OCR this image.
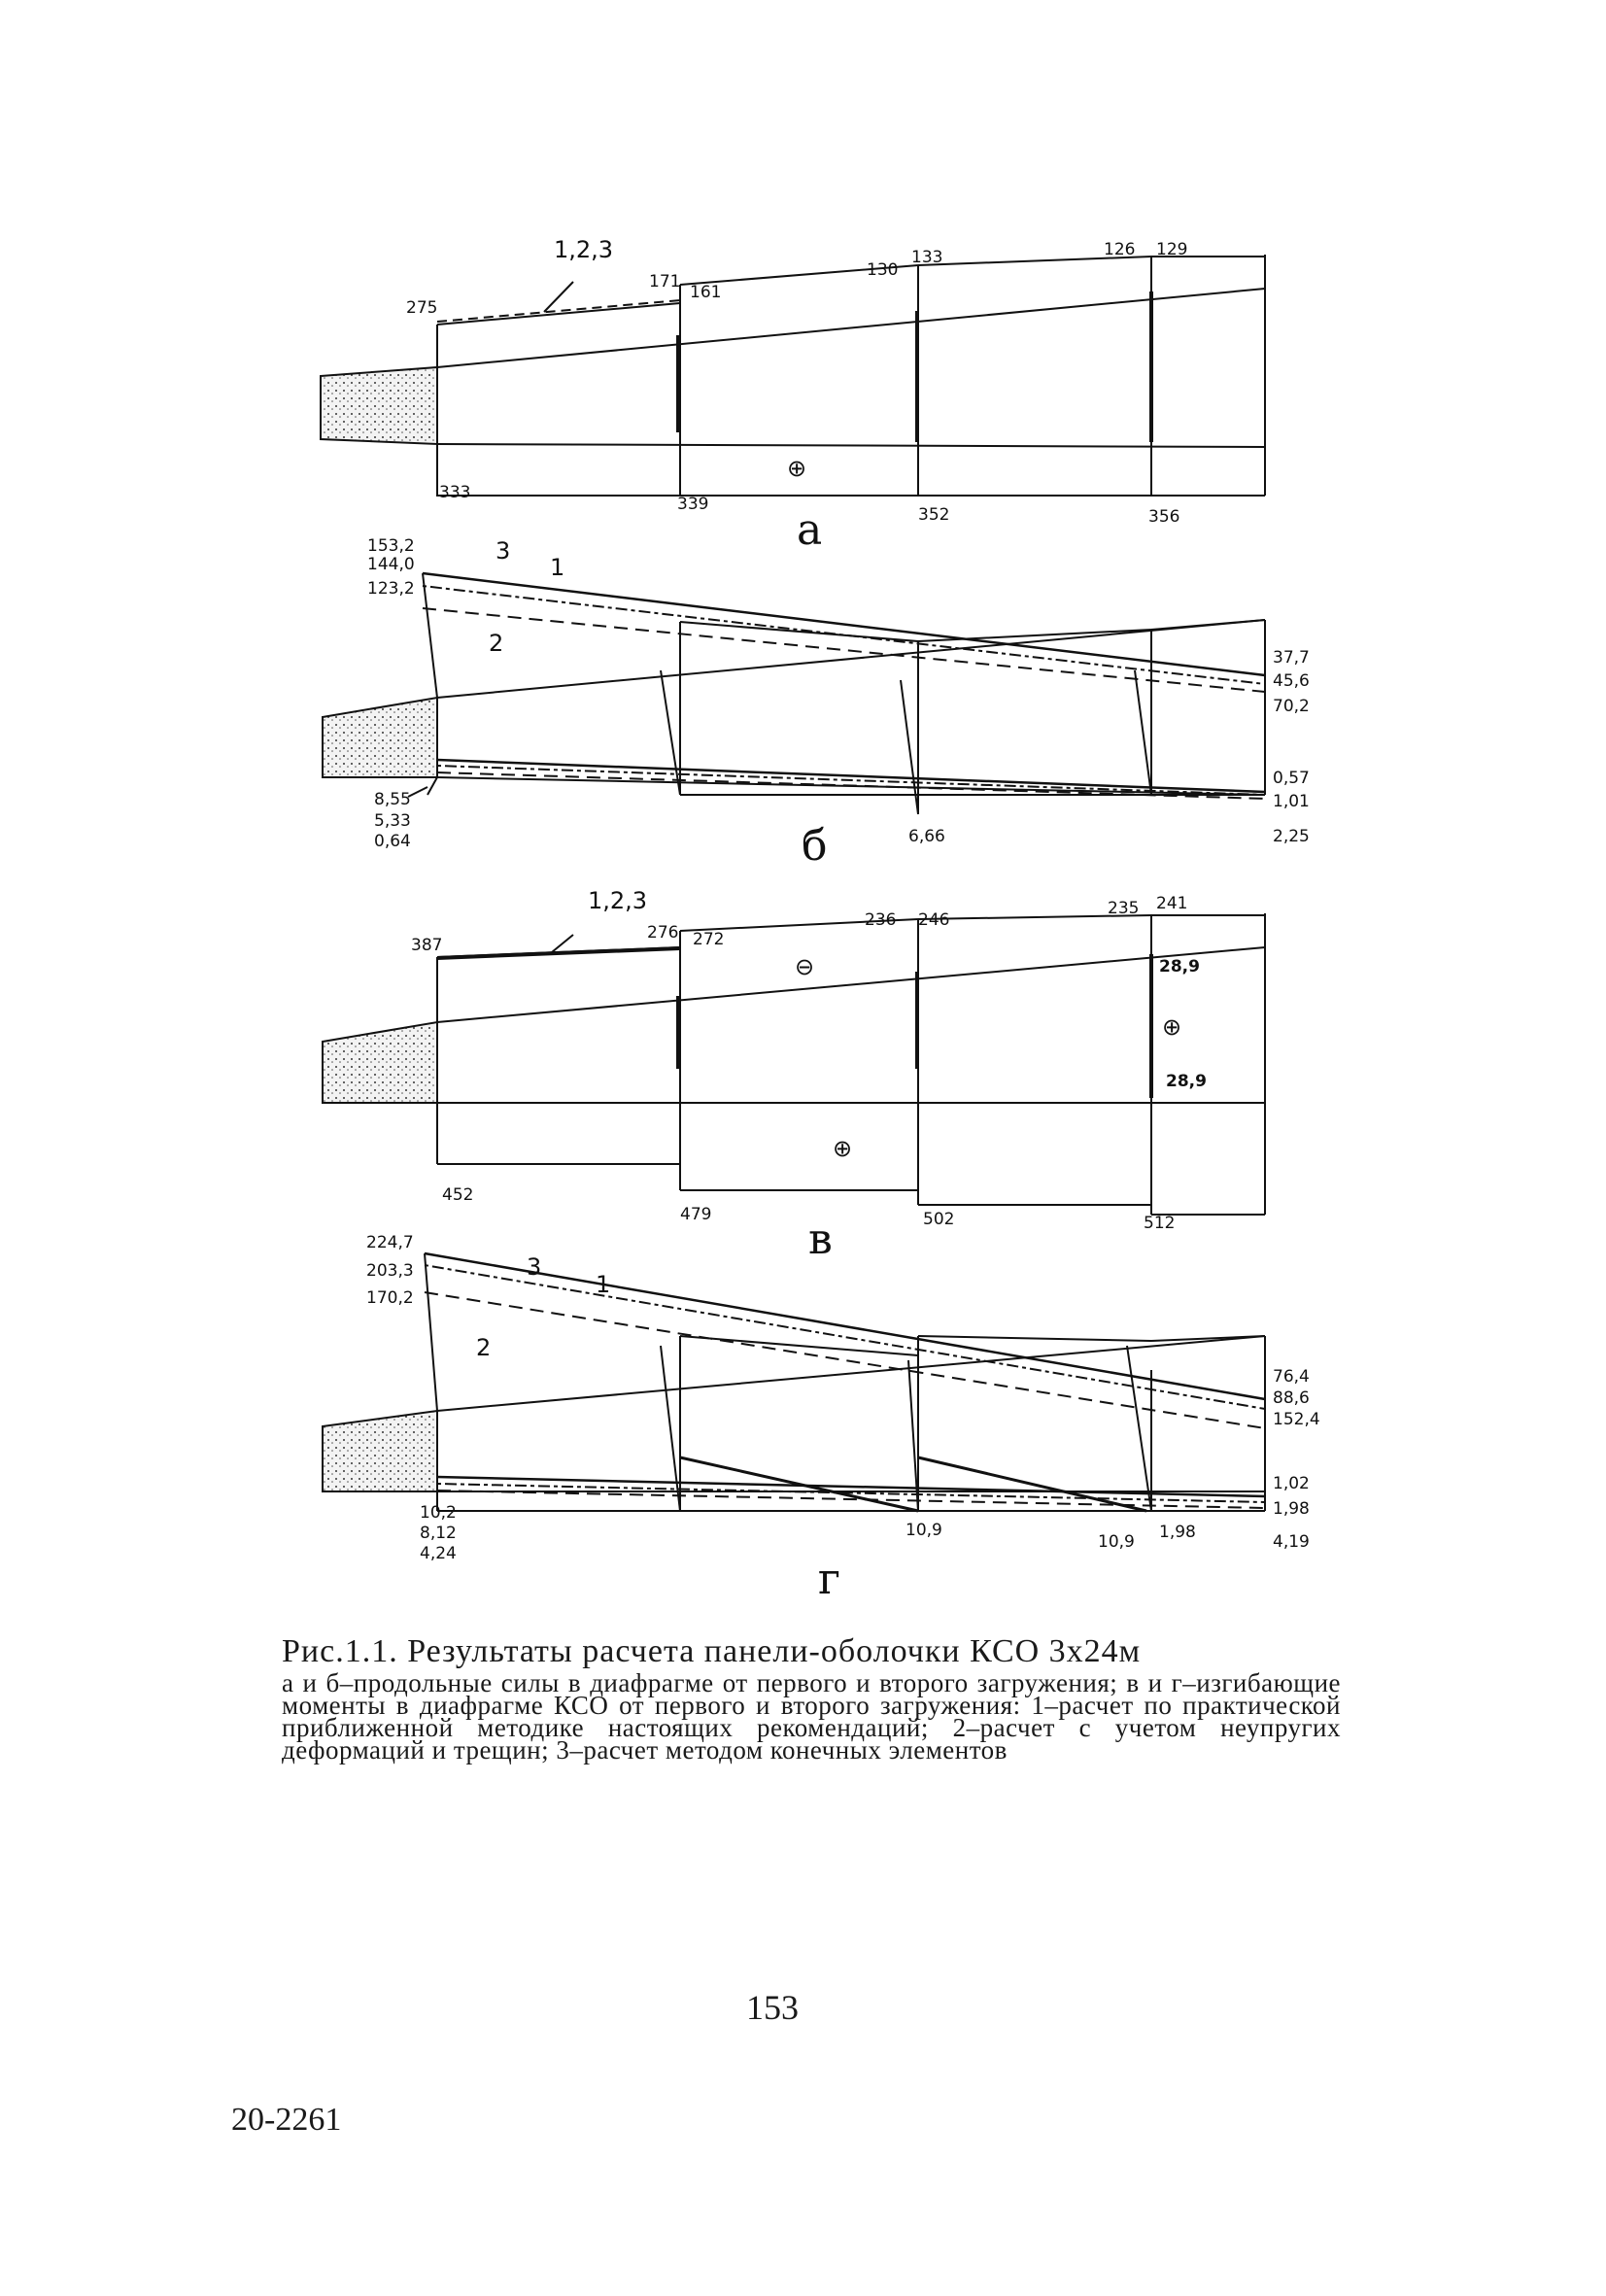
1,2,3
275
171
161
130
133	126 129
333
339
352	356
⊕
а
153,2
144,0
123,2
3
1
2
37,7
45,6
70,2
8,55
5,33
0,64	6,66
0,57
1,01
2,25
б
1,2,3
387
276 272
236 246
235 241
28,9
28,9
⊖
⊕
⊕
452
479	502	512
в
224,7
203,3
170,2
3
1
2
76,4
88,6
152,4
10,2
8,12
4,24
10,9
10,9 1,98
1,02
1,98
4,19
г
Рис.1.1. Результаты расчета панели-оболочки КСО 3х24м
а и б–продольные силы в диафрагме от первого и второго загружения; в и г–изгибающие моменты в диафрагме КСО от первого и второго загружения: 1–расчет по практической приближенной методике настоящих рекомендаций; 2–расчет с учетом неупругих деформаций и трещин; 3–расчет методом конечных элементов
153
20-2261
